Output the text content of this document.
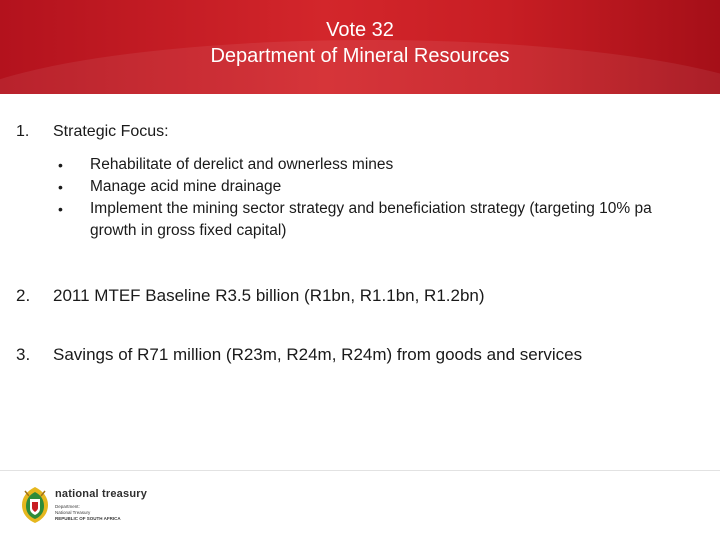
Vote 32
Department of Mineral Resources
1. Strategic Focus:
• Rehabilitate of derelict and ownerless mines
• Manage acid mine drainage
• Implement the mining sector strategy and beneficiation strategy (targeting 10% pa growth in gross fixed capital)
2. 2011 MTEF Baseline R3.5 billion (R1bn, R1.1bn, R1.2bn)
3. Savings of R71 million (R23m, R24m, R24m) from goods and services
national treasury
Department:
National Treasury
REPUBLIC OF SOUTH AFRICA
